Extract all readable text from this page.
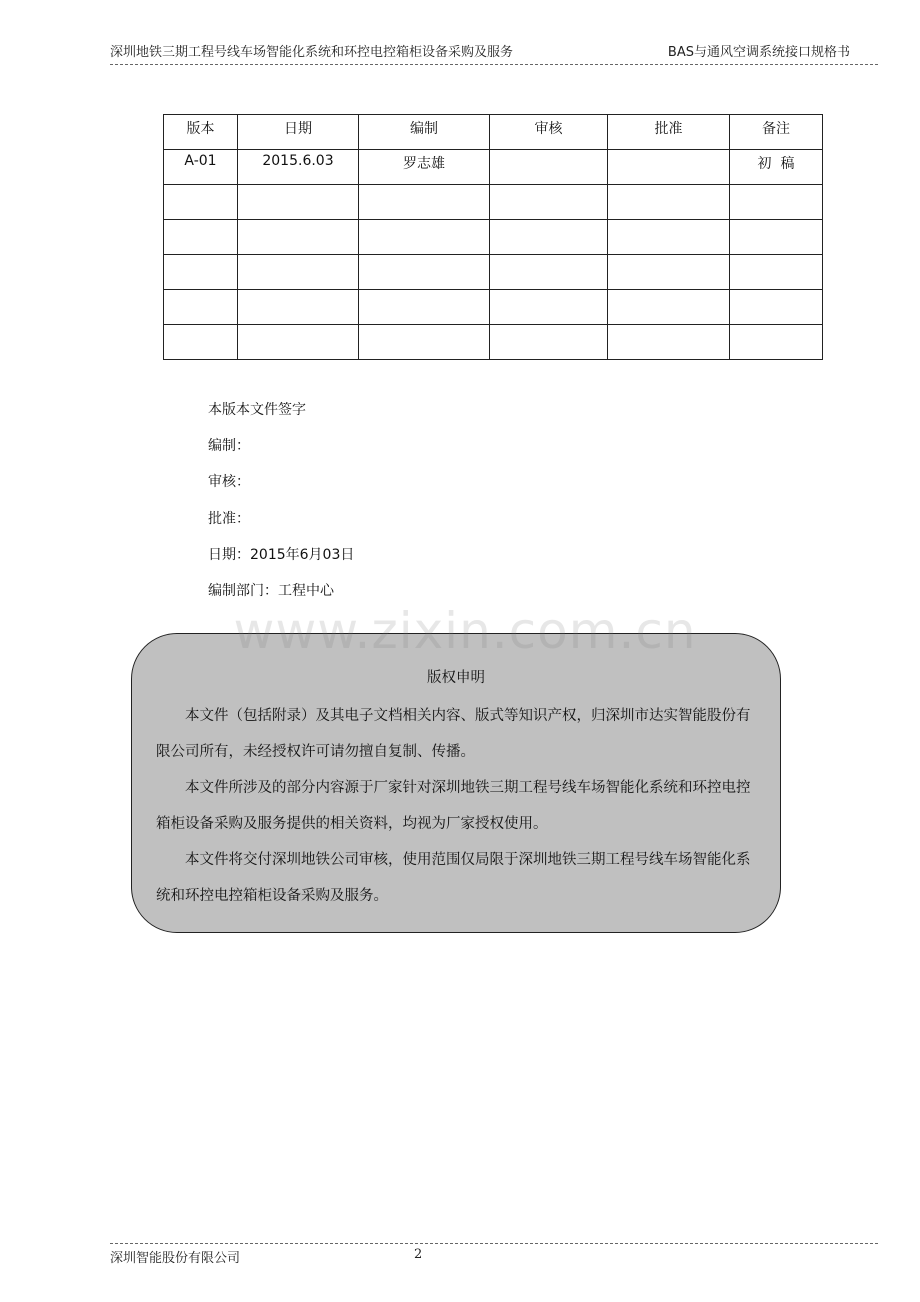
深圳地铁三期工程号线车场智能化系统和环控电控箱柜设备采购及服务	BAS与通风空调系统接口规格书
版本	日期	编制	审核	批准	备注
A-01	2015.6.03	罗志雄			初  稿

本版本文件签字
编制：
审核：
批准：
日期：2015年6月03日
编制部门：工程中心
版权申明

本文件（包括附录）及其电子文档相关内容、版式等知识产权，归深圳市达实智能股份有限公司所有，未经授权许可请勿擅自复制、传播。

本文件所涉及的部分内容源于厂家针对深圳地铁三期工程号线车场智能化系统和环控电控箱柜设备采购及服务提供的相关资料，均视为厂家授权使用。

本文件将交付深圳地铁公司审核，使用范围仅局限于深圳地铁三期工程号线车场智能化系统和环控电控箱柜设备采购及服务。

www.zixin.com.cn
深圳智能股份有限公司	2
